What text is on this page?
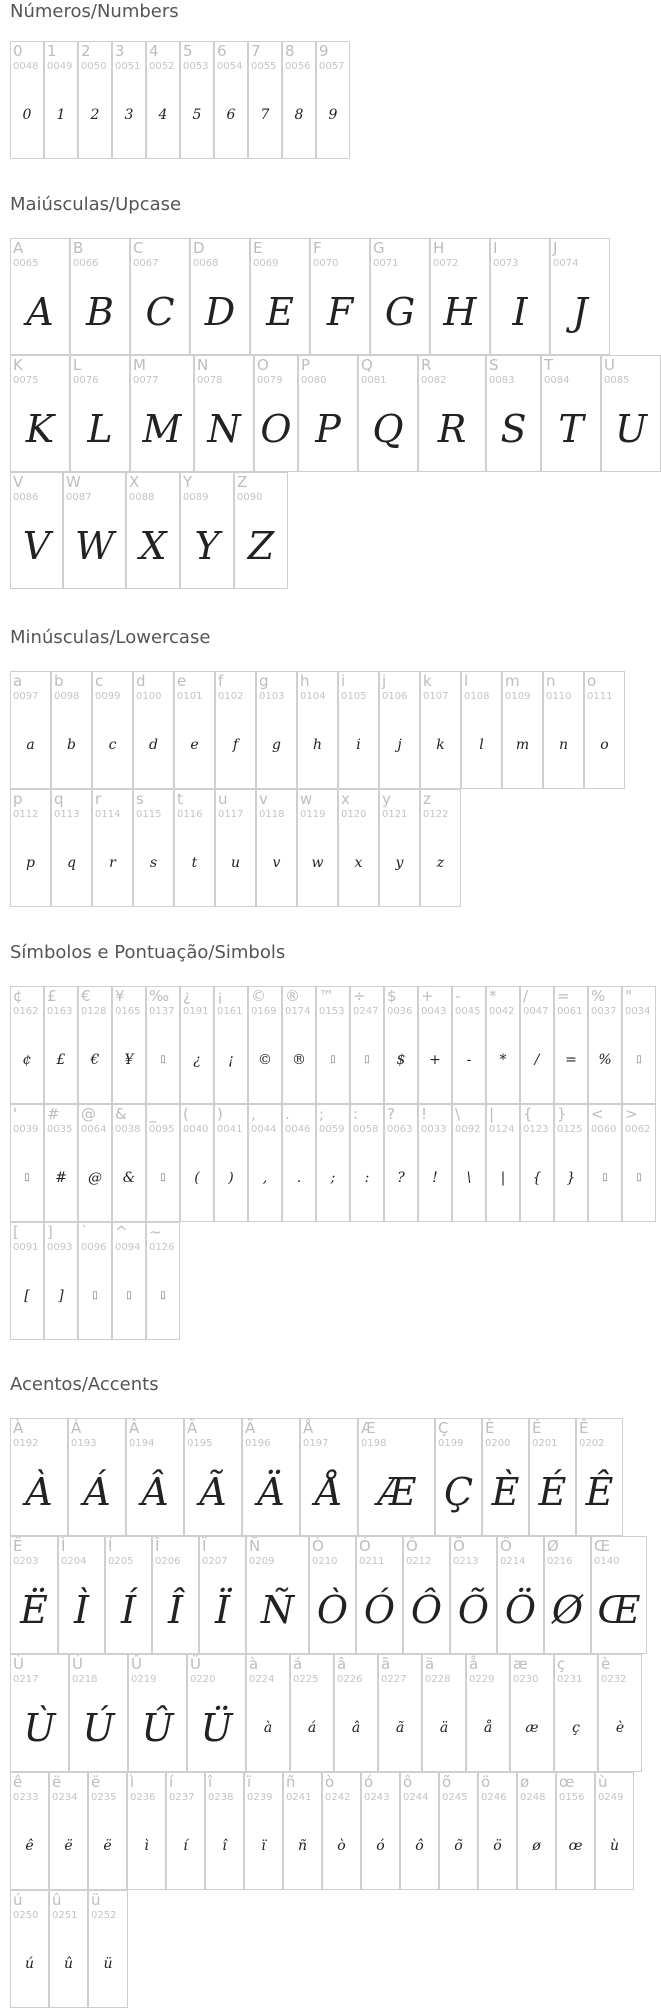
Números/Numbers
0
0048
0
1
0049
1
2
0050
2
3
0051
3
4
0052
4
5
0053
5
6
0054
6
7
0055
7
8
0056
8
9
0057
9
Maiúsculas/Upcase
A
0065
A
B
0066
B
C
0067
C
D
0068
D
E
0069
E
F
0070
F
G
0071
G
H
0072
H
I
0073
I
J
0074
J
K
0075
K
L
0076
L
M
0077
M
N
0078
N
O
0079
O
P
0080
P
Q
0081
Q
R
0082
R
S
0083
S
T
0084
T
U
0085
U
V
0086
V
W
0087
W
X
0088
X
Y
0089
Y
Z
0090
Z
Minúsculas/Lowercase
a
0097
a
b
0098
b
c
0099
c
d
0100
d
e
0101
e
f
0102
f
g
0103
g
h
0104
h
i
0105
i
j
0106
j
k
0107
k
l
0108
l
m
0109
m
n
0110
n
o
0111
o
p
0112
p
q
0113
q
r
0114
r
s
0115
s
t
0116
t
u
0117
u
v
0118
v
w
0119
w
x
0120
x
y
0121
y
z
0122
z
Símbolos e Pontuação/Simbols
¢
0162
¢
£
0163
£
€
0128
€
¥
0165
¥
‰
0137
▯
¿
0191
¿
¡
0161
¡
©
0169
©
®
0174
®
™
0153
▯
÷
0247
▯
$
0036
$
+
0043
+
-
0045
-
*
0042
*
/
0047
/
=
0061
=
%
0037
%
"
0034
▯
'
0039
▯
#
0035
#
@
0064
@
&
0038
&
_
0095
▯
(
0040
(
)
0041
)
,
0044
,
.
0046
.
;
0059
;
:
0058
:
?
0063
?
!
0033
!
\
0092
\
|
0124
|
{
0123
{
}
0125
}
<
0060
▯
>
0062
▯
[
0091
[
]
0093
]
`
0096
▯
^
0094
▯
~
0126
▯
Acentos/Accents
À
0192
À
Á
0193
Á
Â
0194
Â
Ã
0195
Ã
Ä
0196
Ä
Å
0197
Å
Æ
0198
Æ
Ç
0199
Ç
È
0200
È
É
0201
É
Ê
0202
Ê
Ë
0203
Ë
Ì
0204
Ì
Í
0205
Í
Î
0206
Î
Ï
0207
Ï
Ñ
0209
Ñ
Ò
0210
Ò
Ó
0211
Ó
Ô
0212
Ô
Õ
0213
Õ
Ö
0214
Ö
Ø
0216
Ø
Œ
0140
Œ
Ù
0217
Ù
Ú
0218
Ú
Û
0219
Û
Ü
0220
Ü
à
0224
à
á
0225
á
â
0226
â
ã
0227
ã
ä
0228
ä
å
0229
å
æ
0230
æ
ç
0231
ç
è
0232
è
ê
0233
ê
ë
0234
ë
ë
0235
ë
ì
0236
ì
í
0237
í
î
0238
î
ï
0239
ï
ñ
0241
ñ
ò
0242
ò
ó
0243
ó
ô
0244
ô
õ
0245
õ
ö
0246
ö
ø
0248
ø
œ
0156
œ
ù
0249
ù
ú
0250
ú
û
0251
û
ü
0252
ü
